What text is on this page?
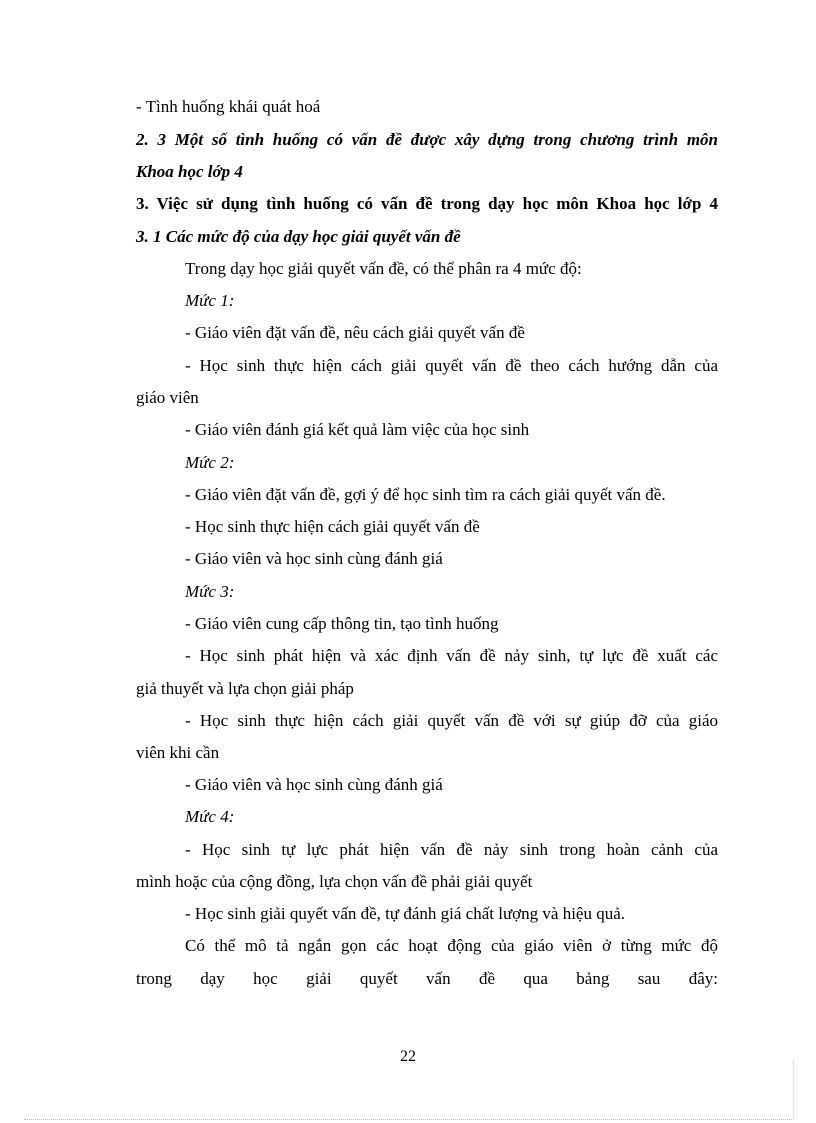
- Tình huống khái quát hoá
2. 3 Một số tình huống có vấn đề được xây dựng trong chương trình môn
Khoa học lớp 4
3. Việc sử dụng tình huống có vấn đề trong dạy học môn Khoa học lớp 4
3. 1 Các mức độ của dạy học giải quyết vấn đề
Trong dạy học giải quyết vấn đề, có thể phân ra 4 mức độ:
Mức 1:
- Giáo viên đặt vấn đề, nêu cách giải quyết vấn đề
- Học sinh thực hiện cách giải quyết vấn đề theo cách hướng dẫn của
giáo viên
- Giáo viên đánh giá kết quả làm việc của học sinh
Mức 2:
- Giáo viên đặt vấn đề, gợi ý để học sinh tìm ra cách giải quyết vấn đề.
- Học sinh thực hiện cách giải quyết vấn đề
- Giáo viên và học sinh cùng đánh giá
Mức 3:
- Giáo viên cung cấp thông tin, tạo tình huống
- Học sinh phát hiện và xác định vấn đề nảy sinh, tự lực đề xuất các
giả thuyết và lựa chọn giải pháp
- Học sinh thực hiện cách giải quyết vấn đề với sự giúp đỡ của giáo
viên khi cần
- Giáo viên và học sinh cùng đánh giá
Mức 4:
- Học sinh tự lực phát hiện vấn đề nảy sinh trong hoàn cảnh của
mình hoặc của cộng đồng, lựa chọn vấn đề phải giải quyết
- Học sinh giải quyết vấn đề, tự đánh giá chất lượng và hiệu quả.
Có thể mô tả ngắn gọn các hoạt động của giáo viên ở từng mức độ
trong dạy học giải quyết vấn đề qua bảng sau đây:
22
